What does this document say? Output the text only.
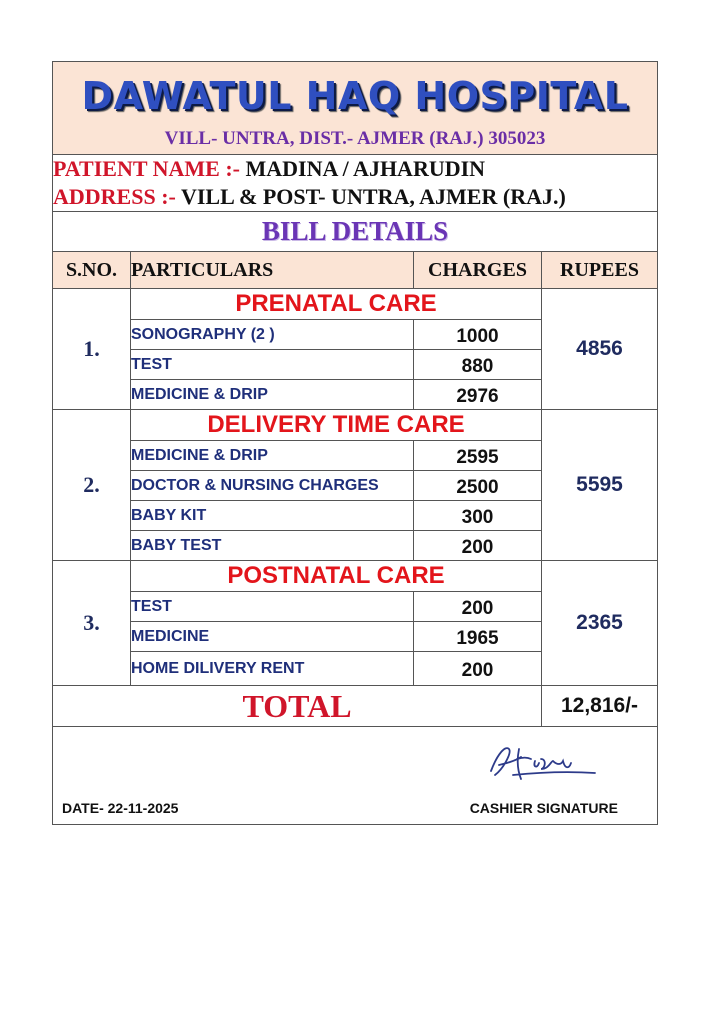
DAWATUL HAQ HOSPITAL
VILL- UNTRA, DIST.- AJMER (RAJ.) 305023			

PATIENT NAME :- MADINA / AJHARUDIN
ADDRESS :- VILL & POST- UNTRA, AJMER (RAJ.)			

BILL DETAILS			
S.NO.	PARTICULARS	CHARGES	RUPEES
1.	PRENATAL CARE		4856
	SONOGRAPHY (2 )	1000	
	TEST	880	
	MEDICINE & DRIP	2976	
2.	DELIVERY TIME CARE		5595
	MEDICINE & DRIP	2595	
	DOCTOR & NURSING CHARGES	2500	
	BABY KIT	300	
	BABY TEST	200	
3.	POSTNATAL CARE		2365
	TEST	200	
	MEDICINE	1965	
	HOME DILIVERY RENT	200	
TOTAL			12,816/-

DATE- 22-11-2025 CASHIER SIGNATURE			
